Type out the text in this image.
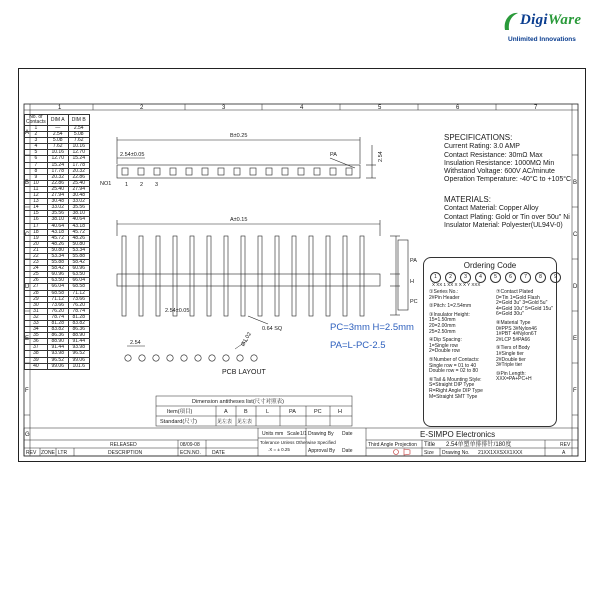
DigiWare
Unlimited Innovations
1	2	3	4	5	6	7
A
B
C
D
E
F
G
B
C
D
E
F
B±0.25
2.54±0.05	PA	2.54
NO1 1 2 3
A±0.15
2.54±0.05
0.64 SQ
PA
H
PC
2.54	Ø1.02
PCB LAYOUT
Dimension antitheses list(尺寸对照表)
Item(项目)	A	B	L	PA	PC	H
Standard(尺寸)	见左表 见左表
Units mm Scale 1/1
Tolerance Unless Otherwise Specified
.X = ± 0.25
Drawing By Date
Approval By Date
E-SIMPO Electronics
Third Angle Projection Title 2.54单塑单排排针/180度
Drawing No. 21XX1XXSXX1XXX
Size
REV
A
RELEASED	08/09-08
REV ZONE LTR	DESCRIPTION	ECN.NO. DATE
No. of Contacts	DIM A	DIM B
1	—	2.54
2	2.54	5.08
3	5.08	7.62
4	7.62	10.16
5	10.16	12.70
6	12.70	15.24
7	15.24	17.78
8	17.78	20.32
9	20.32	22.86
10	22.86	25.40
11	25.40	27.94
12	27.94	30.48
13	30.48	33.02
14	33.02	35.56
15	35.56	38.10
16	38.10	40.64
17	40.64	43.18
18	43.18	45.72
19	45.72	48.26
20	48.26	50.80
21	50.80	53.34
22	53.34	55.88
23	55.88	58.42
24	58.42	60.96
25	60.96	63.50
26	63.50	66.04
27	66.04	68.58
28	68.58	71.12
29	71.12	73.66
30	73.66	76.20
31	76.20	78.74
32	78.74	81.28
33	81.28	83.82
34	83.82	86.36
35	86.36	88.90
36	88.90	91.44
37	91.44	93.98
38	93.98	96.52
39	96.52	99.06
40	99.06	101.6
SPECIFICATIONS:
Current Rating: 3.0 AMP
Contact Resistance: 30mΩ Max
Insulation Resistance: 1000MΩ Min
Withstand Voltage: 600V AC/minute
Operation Temperature: -40°C to +105°C
MATERIALS:
Contact Material: Copper Alloy
Contact Plating: Gold or Tin over 50u" Ni
Insulator Material: Polyester(UL94V-0)
Ordering Code
1 2 3 4 5 6 7 8 9
X XX 1 XX X X X Y XXX
①Series No.:
2#Pin Header
②Pitch: 1=2.54mm
③Insulator Height:
15=1.50mm
20=2.00mm
25=2.50mm
④Dip Spacing:
1=Single row
2=Double row
⑤Number of Contacts:
Single row = 01 to 40
Double row = 02 to 80
⑥Tail & Mounting Style:
S=Straight DIP Type
R=Right Angle DIP Type
M=Straight SMT Type
⑦Contact Plated
0=Tin 1=Gold Flash
2=Gold 3u" 3=Gold 5u"
4=Gold 10u" 5=Gold 15u"
6=Gold 30u"
⑧Material Type
0#PPS 3#Nylon46
1#PBT 4#Nylon6T
2#LCP 5#PA66
⑨Tiers of Body
1#Single tier
2#Double tier
3#Triple tier
⑩Pin Length:
XXX=PA+PC+H
PC=3mm H=2.5mm
PA=L-PC-2.5
